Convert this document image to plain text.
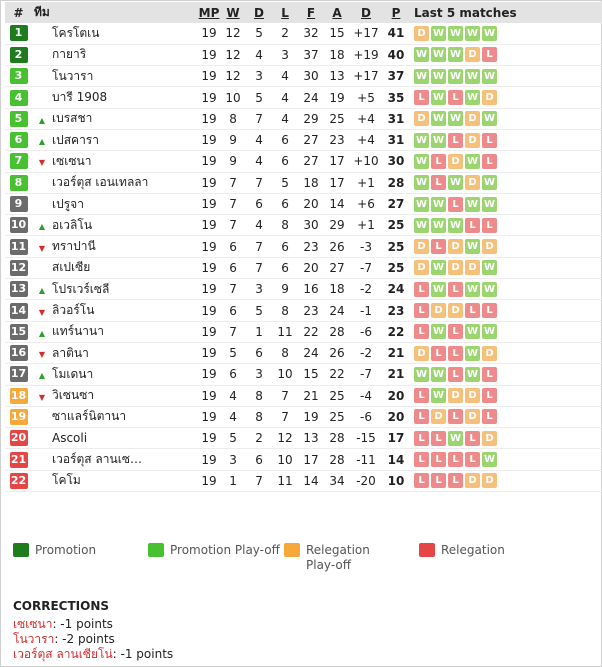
#	ทีม		MP	W	D	L	F	A	D	P	Last 5 matches
1		โครโตเน	19	12	5	2	32	15	+17	41	D W W W W

2		กายาริ	19	12	4	3	37	18	+19	40	W W W D L

3		โนวารา	19	12	3	4	30	13	+17	37	W W W W W

4		บารี 1908	19	10	5	4	24	19	+5	35	L W L W D

5	▲	เบรสชา	19	8	7	4	29	25	+4	31	D W W D W

6	▲	เปสคารา	19	9	4	6	27	23	+4	31	W W L D L

7	▼	เซเซนา	19	9	4	6	27	17	+10	30	W L D W L

8		เวอร์ตุส เอนเทลลา	19	7	7	5	18	17	+1	28	W L W D W

9		เปรูจา	19	7	6	6	20	14	+6	27	W W L W W

10	▲	อเวลิโน	19	7	4	8	30	29	+1	25	W W W L L

11	▼	ทราปานี	19	6	7	6	23	26	-3	25	D L D W D

12		สเปเซีย	19	6	7	6	20	27	-7	25	D W D D W

13	▲	โปรเวร์เซลี	19	7	3	9	16	18	-2	24	L W L W W

14	▼	ลิวอร์โน	19	6	5	8	23	24	-1	23	L D D L L

15	▲	แทร์นานา	19	7	1	11	22	28	-6	22	L W L W W

16	▼	ลาตินา	19	5	6	8	24	26	-2	21	D L L W D

17	▲	โมเดนา	19	6	3	10	15	22	-7	21	W W L W L

18	▼	วิเซนซา	19	4	8	7	21	25	-4	20	L W D D L

19		ซาแลร์นิตานา	19	4	8	7	19	25	-6	20	L D L D L

20		Ascoli	19	5	2	12	13	28	-15	17	L L W L D

21		เวอร์ตุส ลานเซ…	19	3	6	10	17	28	-11	14	L L L L W

22		โคโม	19	1	7	11	14	34	-20	10	L L L D D
Promotion	Promotion Play-off Relegation Play-off
Relegation
CORRECTIONS
เซเซนา: -1 points
โนวารา: -2 points
เวอร์ตุส ลานเซียโน่: -1 points
